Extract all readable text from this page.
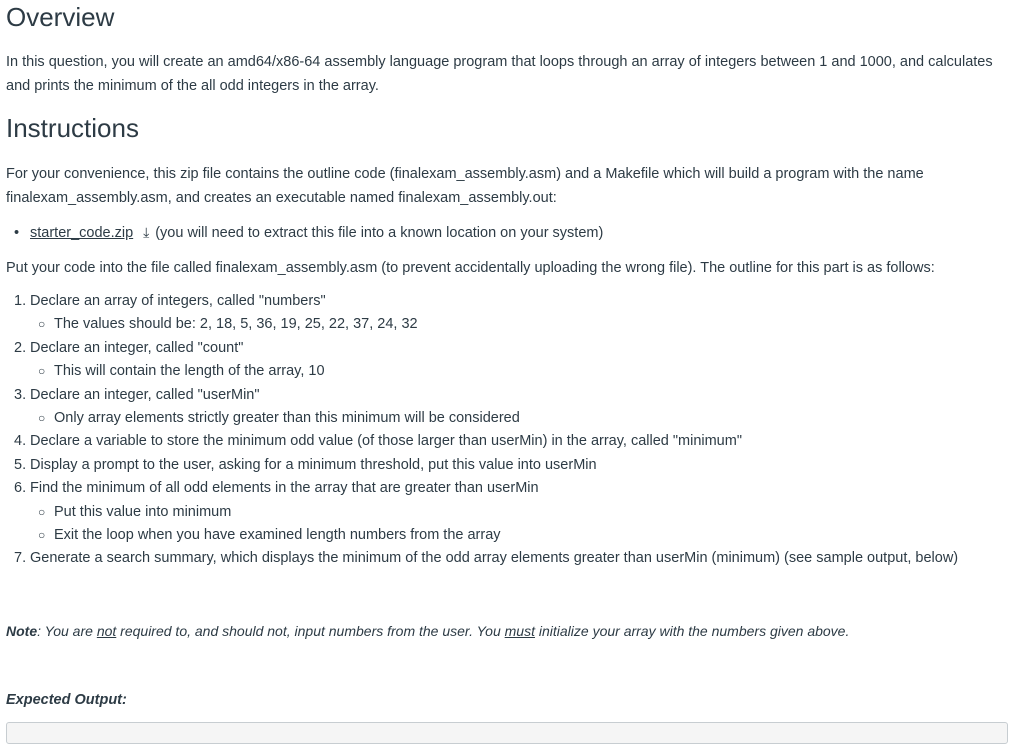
Overview

In this question, you will create an amd64/x86-64 assembly language program that loops through an array of integers between 1 and 1000, and calculates and prints the minimum of the all odd integers in the array.

Instructions

For your convenience, this zip file contains the outline code (finalexam_assembly.asm) and a Makefile which will build a program with the name finalexam_assembly.asm, and creates an executable named finalexam_assembly.out:

• starter_code.zip ⤓ (you will need to extract this file into a known location on your system)

Put your code into the file called finalexam_assembly.asm (to prevent accidentally uploading the wrong file). The outline for this part is as follows:

1. Declare an array of integers, called "numbers"
○ The values should be: 2, 18, 5, 36, 19, 25, 22, 37, 24, 32
2. Declare an integer, called "count"
○ This will contain the length of the array, 10
3. Declare an integer, called "userMin"
○ Only array elements strictly greater than this minimum will be considered
4. Declare a variable to store the minimum odd value (of those larger than userMin) in the array, called "minimum"
5. Display a prompt to the user, asking for a minimum threshold, put this value into userMin
6. Find the minimum of all odd elements in the array that are greater than userMin
○ Put this value into minimum
○ Exit the loop when you have examined length numbers from the array
7. Generate a search summary, which displays the minimum of the odd array elements greater than userMin (minimum) (see sample output, below)
Note: You are not required to, and should not, input numbers from the user. You must initialize your array with the numbers given above.
Expected Output:
